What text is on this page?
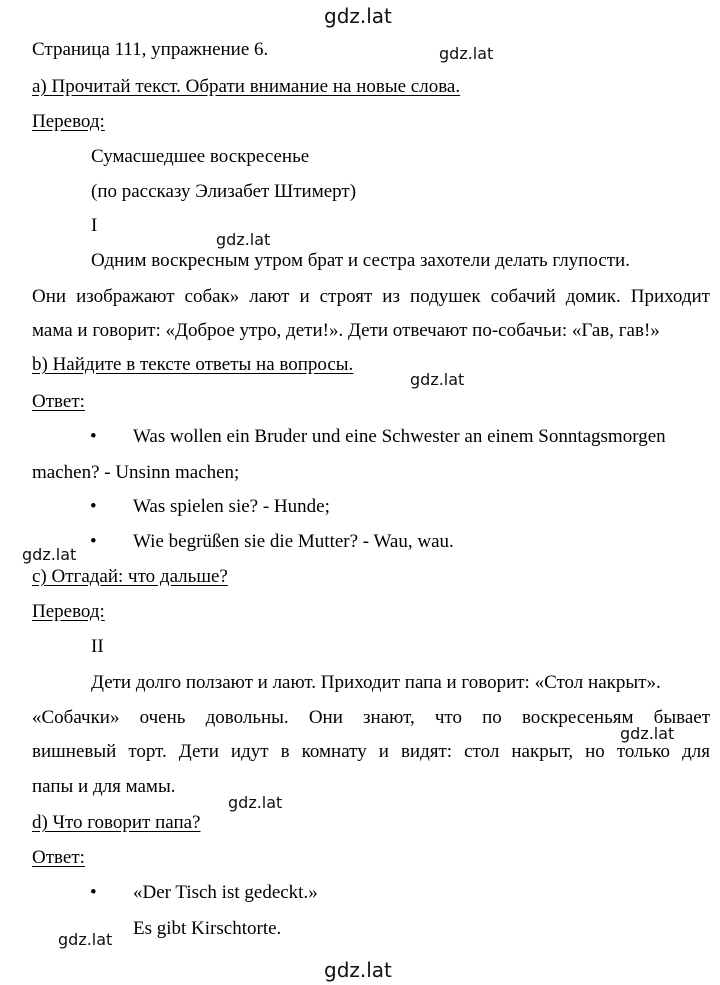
gdz.lat
gdz.lat
gdz.lat
gdz.lat
gdz.lat
gdz.lat
gdz.lat
gdz.lat
gdz.lat
Страница 111, упражнение 6.
a) Прочитай текст. Обрати внимание на новые слова.
Перевод:
Сумасшедшее воскресенье
(по рассказу Элизабет Штимерт)
I
Одним воскресным утром брат и сестра захотели делать глупости.
Они изображают собак» лают и строят из подушек собачий домик. Приходит
мама и говорит: «Доброе утро, дети!». Дети отвечают по-собачьи: «Гав, гав!»
b) Найдите в тексте ответы на вопросы.
Ответ:
• Was wollen ein Bruder und eine Schwester an einem Sonntagsmorgen
machen? - Unsinn machen;
• Was spielen sie? - Hunde;
• Wie begrüßen sie die Mutter? - Wau, wau.
c) Отгадай: что дальше?
Перевод:
II
Дети долго ползают и лают. Приходит папа и говорит: «Стол накрыт».
«Собачки» очень довольны. Они знают, что по воскресеньям бывает
вишневый торт. Дети идут в комнату и видят: стол накрыт, но только для
папы и для мамы.
d) Что говорит папа?
Ответ:
• «Der Tisch ist gedeckt.»
Es gibt Kirschtorte.
